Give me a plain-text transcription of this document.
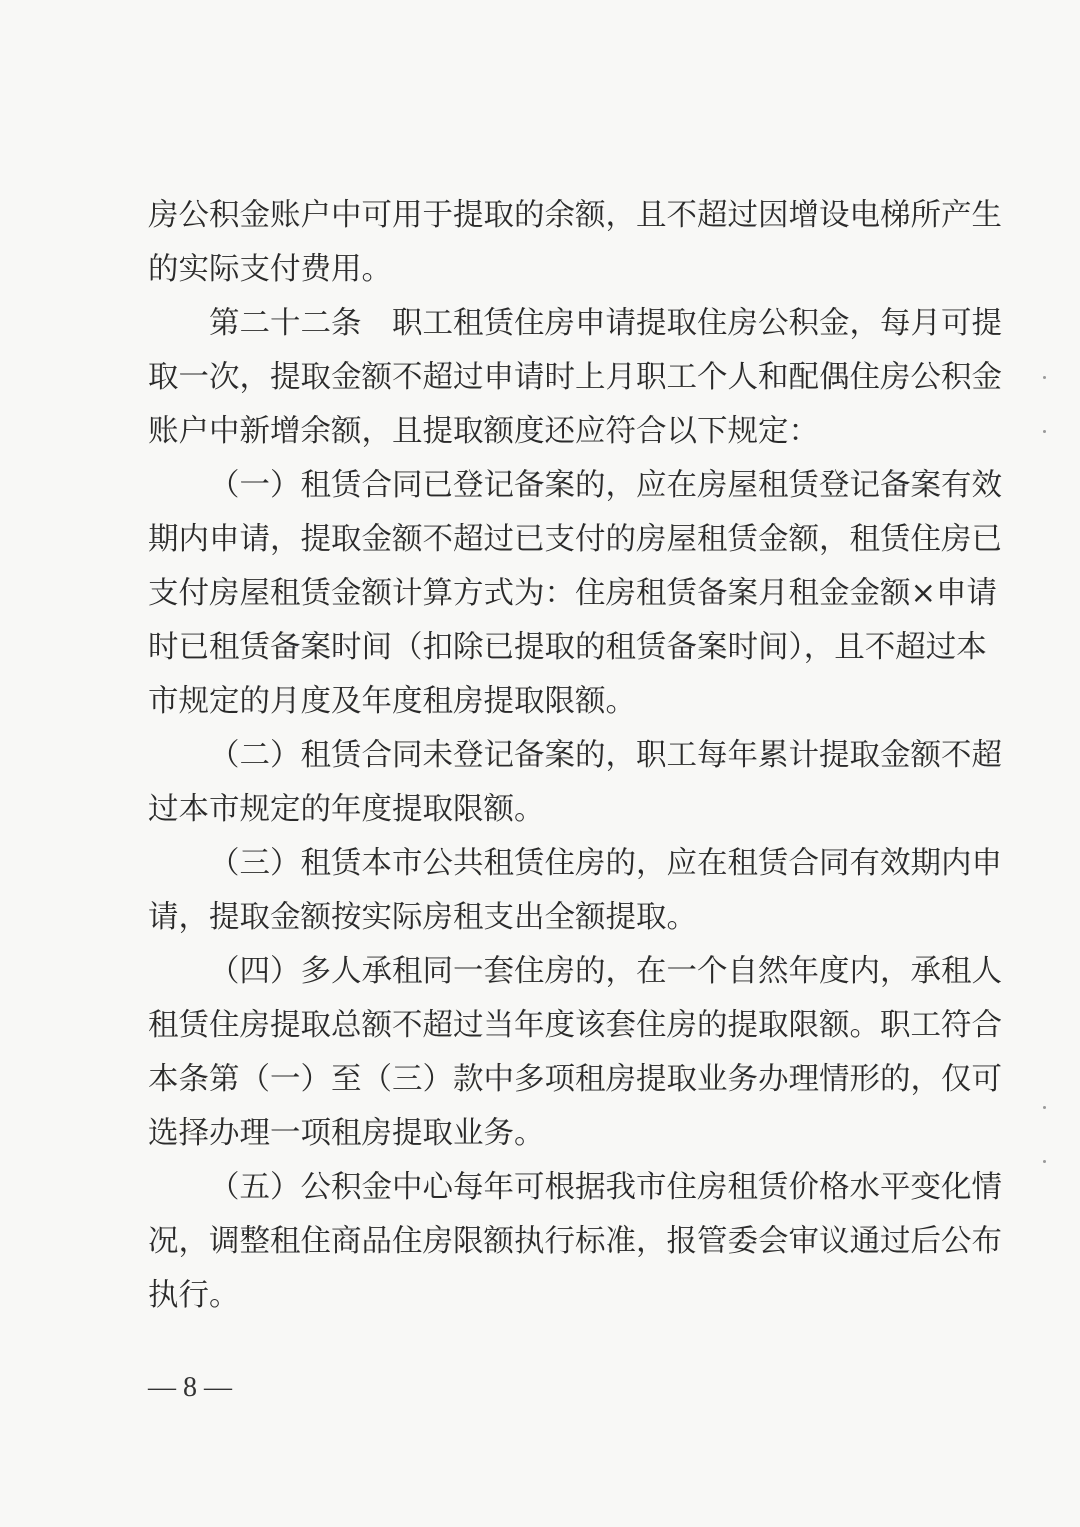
房公积金账户中可用于提取的余额，且不超过因增设电梯所产生
的实际支付费用。
第二十二条　职工租赁住房申请提取住房公积金，每月可提
取一次，提取金额不超过申请时上月职工个人和配偶住房公积金
账户中新增余额，且提取额度还应符合以下规定：
（一）租赁合同已登记备案的，应在房屋租赁登记备案有效
期内申请，提取金额不超过已支付的房屋租赁金额，租赁住房已
支付房屋租赁金额计算方式为：住房租赁备案月租金金额×申请
时已租赁备案时间（扣除已提取的租赁备案时间），且不超过本
市规定的月度及年度租房提取限额。
（二）租赁合同未登记备案的，职工每年累计提取金额不超
过本市规定的年度提取限额。
（三）租赁本市公共租赁住房的，应在租赁合同有效期内申
请，提取金额按实际房租支出全额提取。
（四）多人承租同一套住房的，在一个自然年度内，承租人
租赁住房提取总额不超过当年度该套住房的提取限额。职工符合
本条第（一）至（三）款中多项租房提取业务办理情形的，仅可
选择办理一项租房提取业务。
（五）公积金中心每年可根据我市住房租赁价格水平变化情
况，调整租住商品住房限额执行标准，报管委会审议通过后公布
执行。
— 8 —
